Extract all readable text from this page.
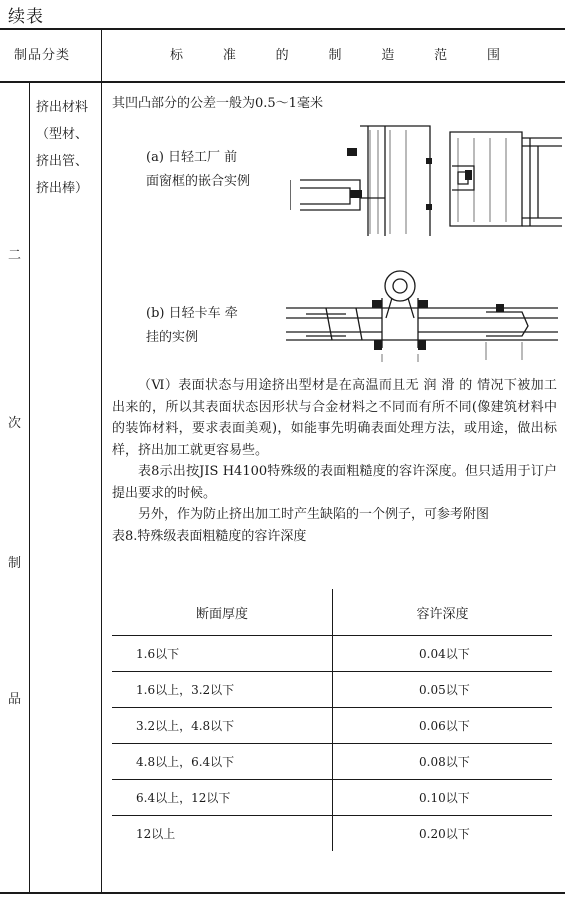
续表
制品分类	标	准	的	制	造	范	围
二
次
制
品
挤出材料
（型材、
挤出管、
挤出棒）
其凹凸部分的公差一般为0.5～1毫米
(a) 日轻工厂 前
面窗框的嵌合实例
(b) 日轻卡车 牵
挂的实例

（Ⅵ）表面状态与用途挤出型材是在高温而且无 润 滑 的 情况下被加工出来的，所以其表面状态因形状与合金材料之不同而有所不同(像建筑材料中的装饰材料，要求表面美观)，如能事先明确表面处理方法，或用途，做出标样，挤出加工就更容易些。

表8示出按JIS H4100特殊级的表面粗糙度的容许深度。但只适用于订户提出要求的时候。

另外，作为防止挤出加工时产生缺陷的一个例子，可参考附图

表8.特殊级表面粗糙度的容许深度

断面厚度	容许深度
1.6以下	0.04以下
1.6以上，3.2以下	0.05以下
3.2以上，4.8以下	0.06以下
4.8以上，6.4以下	0.08以下
6.4以上，12以下	0.10以下
12以上	0.20以下
